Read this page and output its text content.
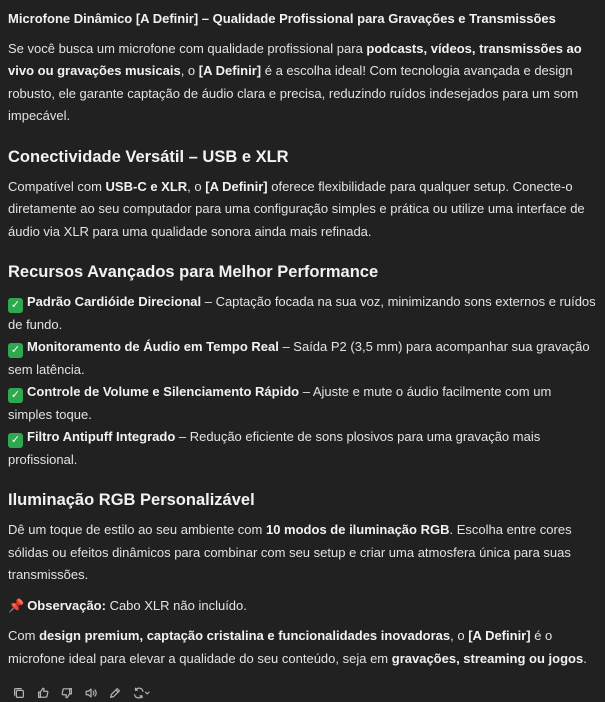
Microfone Dinâmico [A Definir] – Qualidade Profissional para Gravações e Transmissões

Se você busca um microfone com qualidade profissional para podcasts, vídeos, transmissões ao vivo ou gravações musicais, o [A Definir] é a escolha ideal! Com tecnologia avançada e design robusto, ele garante captação de áudio clara e precisa, reduzindo ruídos indesejados para um som impecável.

Conectividade Versátil – USB e XLR

Compatível com USB-C e XLR, o [A Definir] oferece flexibilidade para qualquer setup. Conecte-o diretamente ao seu computador para uma configuração simples e prática ou utilize uma interface de áudio via XLR para uma qualidade sonora ainda mais refinada.

Recursos Avançados para Melhor Performance

✓ Padrão Cardióide Direcional – Captação focada na sua voz, minimizando sons externos e ruídos de fundo.

✓ Monitoramento de Áudio em Tempo Real – Saída P2 (3,5 mm) para acompanhar sua gravação sem latência.

✓ Controle de Volume e Silenciamento Rápido – Ajuste e mute o áudio facilmente com um simples toque.

✓ Filtro Antipuff Integrado – Redução eficiente de sons plosivos para uma gravação mais profissional.

Iluminação RGB Personalizável

Dê um toque de estilo ao seu ambiente com 10 modos de iluminação RGB. Escolha entre cores sólidas ou efeitos dinâmicos para combinar com seu setup e criar uma atmosfera única para suas transmissões.

📌 Observação: Cabo XLR não incluído.

Com design premium, captação cristalina e funcionalidades inovadoras, o [A Definir] é o microfone ideal para elevar a qualidade do seu conteúdo, seja em gravações, streaming ou jogos.
